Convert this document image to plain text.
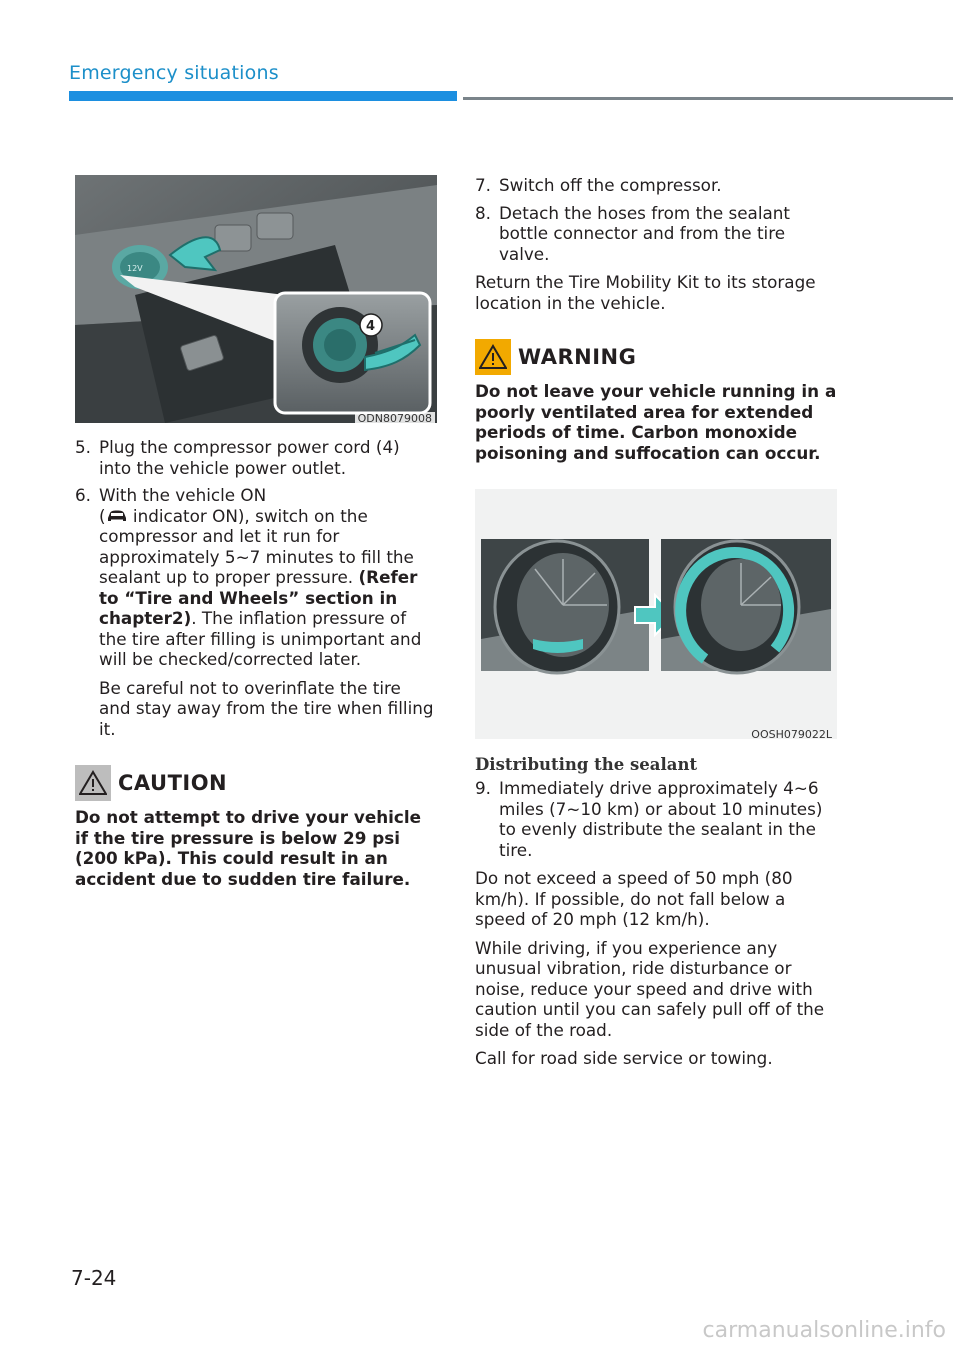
Emergency situations
12V
4
ODN8079008
5. Plug the compressor power cord (4) into the vehicle power outlet.
6. With the vehicle ON
( indicator ON), switch on the compressor and let it run for approximately 5~7 minutes to fill the sealant up to proper pressure. (Refer to “Tire and Wheels” section in chapter2). The inflation pressure of the tire after filling is unimportant and will be checked/corrected later.
Be careful not to overinflate the tire and stay away from the tire when filling it.
CAUTION
Do not attempt to drive your vehicle if the tire pressure is below 29 psi (200 kPa). This could result in an accident due to sudden tire failure.
7. Switch off the compressor.
8. Detach the hoses from the sealant bottle connector and from the tire valve.
Return the Tire Mobility Kit to its storage location in the vehicle.
WARNING
Do not leave your vehicle running in a poorly ventilated area for extended periods of time. Carbon monoxide poisoning and suffocation can occur.
OOSH079022L
Distributing the sealant
9. Immediately drive approximately 4~6 miles (7~10 km) or about 10 minutes) to evenly distribute the sealant in the tire.
Do not exceed a speed of 50 mph (80 km/h). If possible, do not fall below a speed of 20 mph (12 km/h).
While driving, if you experience any unusual vibration, ride disturbance or noise, reduce your speed and drive with caution until you can safely pull off of the side of the road.
Call for road side service or towing.
7-24
carmanualsonline.info
